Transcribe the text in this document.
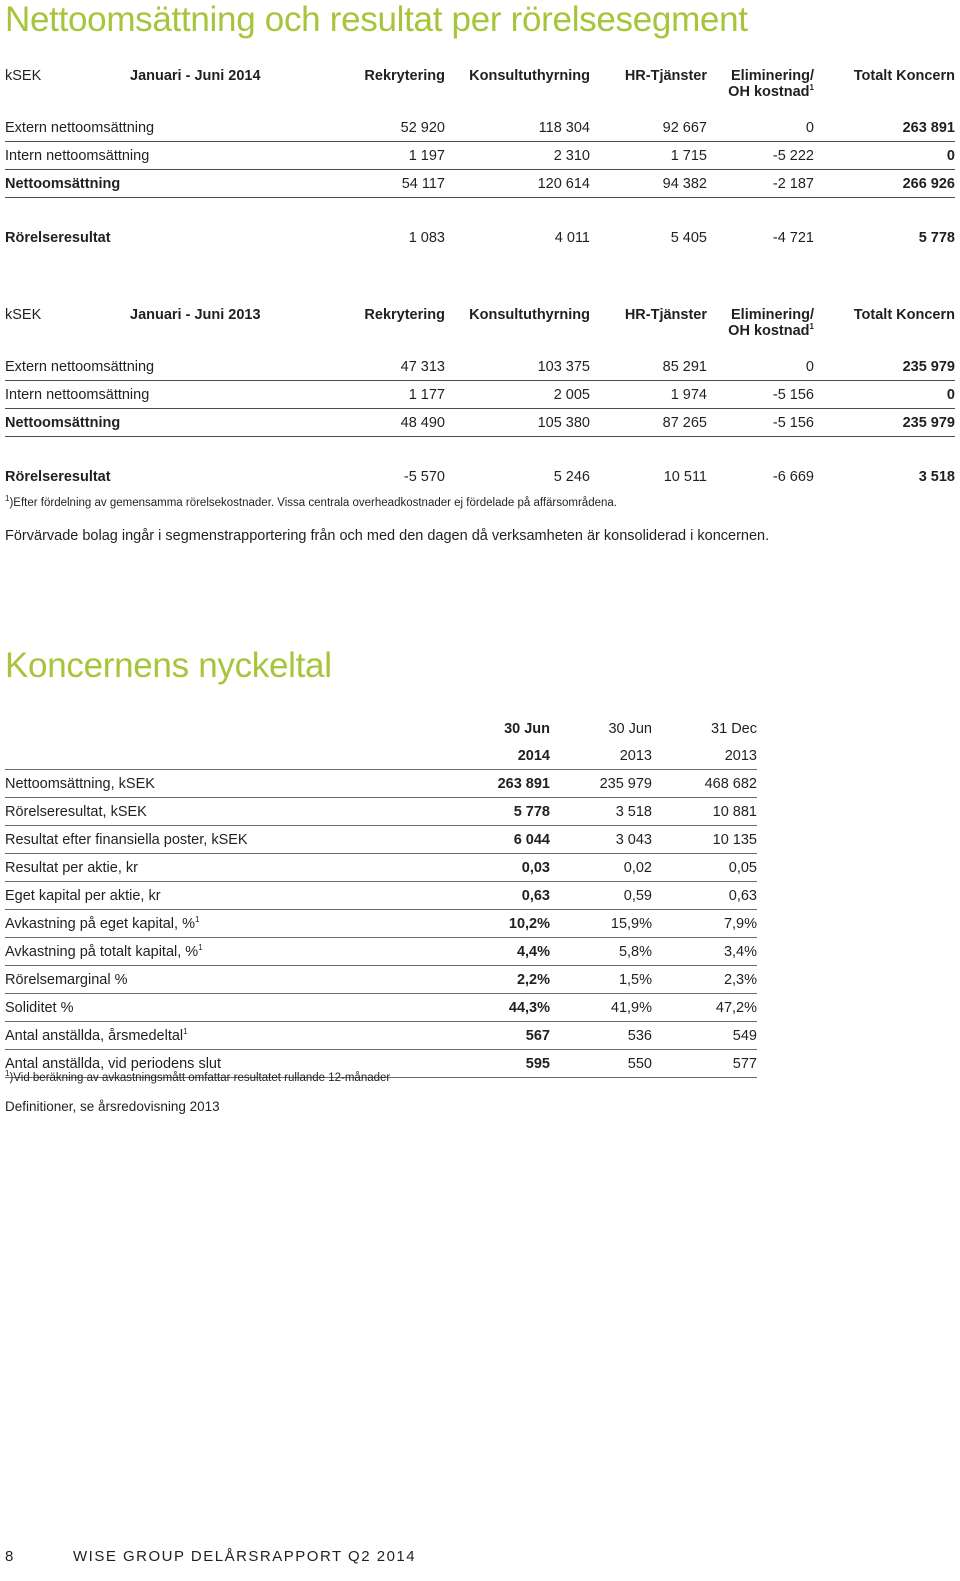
Nettoomsättning och resultat per rörelsesegment
kSEK	Januari - Juni 2014	Rekrytering	Konsultuthyrning	HR-Tjänster	Eliminering/
OH kostnad$^1$	Totalt Koncern
Extern nettoomsättning		52 920	118 304	92 667	0	263 891
Intern nettoomsättning		1 197	2 310	1 715	-5 222	0
Nettoomsättning		54 117	120 614	94 382	-2 187	266 926

Rörelseresultat		1 083	4 011	5 405	-4 721	5 778
kSEK	Januari - Juni 2013	Rekrytering	Konsultuthyrning	HR-Tjänster	Eliminering/
OH kostnad$^1$	Totalt Koncern
Extern nettoomsättning		47 313	103 375	85 291	0	235 979
Intern nettoomsättning		1 177	2 005	1 974	-5 156	0
Nettoomsättning		48 490	105 380	87 265	-5 156	235 979

Rörelseresultat		-5 570	5 246	10 511	-6 669	3 518

$^1$)Efter fördelning av gemensamma rörelsekostnader. Vissa centrala overheadkostnader ej fördelade på affärsområdena.

Förvärvade bolag ingår i segmenstrapportering från och med den dagen då verksamheten är konsoliderad i koncernen.

Koncernens nyckeltal
	30 Jun	30 Jun	31 Dec
	2014	2013	2013
Nettoomsättning, kSEK	263 891	235 979	468 682
Rörelseresultat, kSEK	5 778	3 518	10 881
Resultat efter finansiella poster, kSEK	6 044	3 043	10 135
Resultat per aktie, kr	0,03	0,02	0,05
Eget kapital per aktie, kr	0,63	0,59	0,63
Avkastning på eget kapital, %$^1$	10,2%	15,9%	7,9%
Avkastning på totalt kapital, %$^1$	4,4%	5,8%	3,4%
Rörelsemarginal %	2,2%	1,5%	2,3%
Soliditet %	44,3%	41,9%	47,2%
Antal anställda, årsmedeltal$^1$	567	536	549
Antal anställda, vid periodens slut	595	550	577

$^1$)Vid beräkning av avkastningsmått omfattar resultatet rullande 12-månader

Definitioner, se årsredovisning 2013

8	WISE GROUP DELÅRSRAPPORT Q2 2014
